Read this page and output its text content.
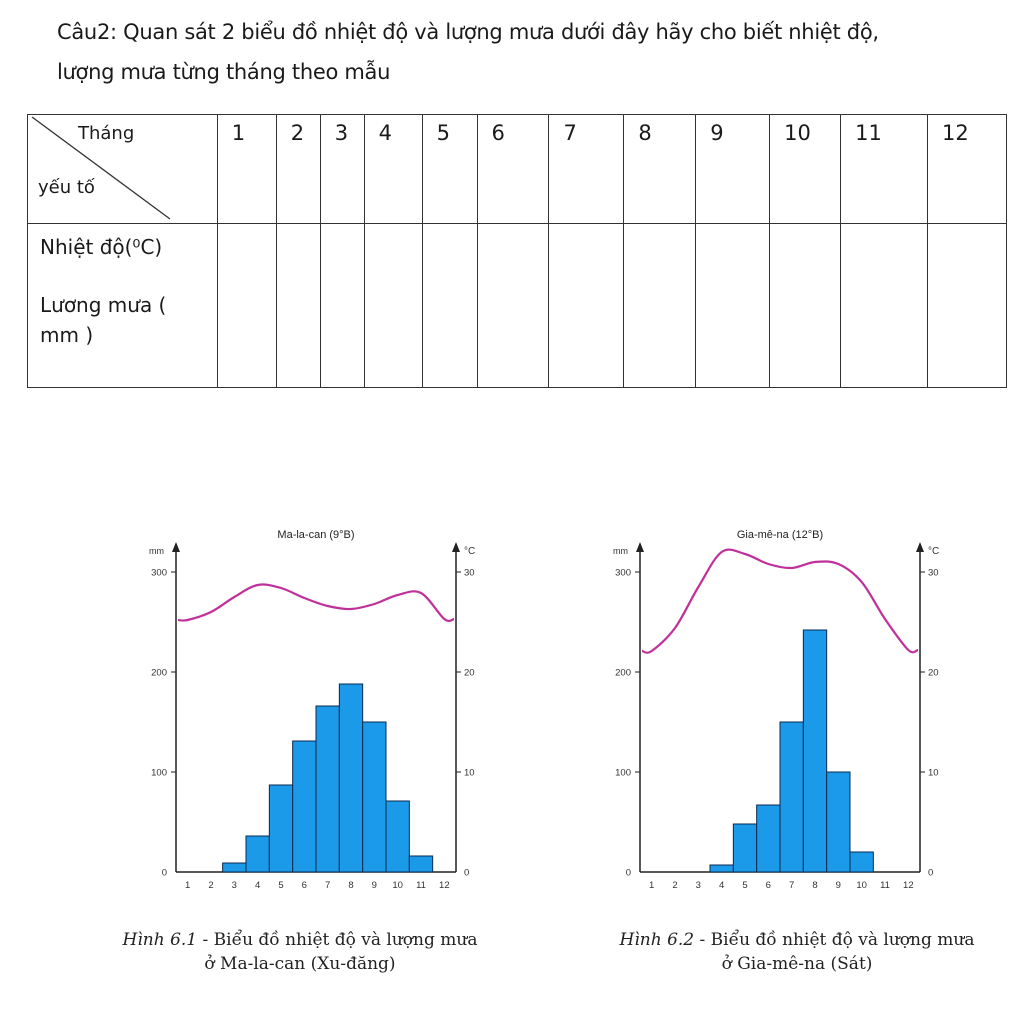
Câu2: Quan sát 2 biểu đồ nhiệt độ và lượng mưa dưới đây hãy cho biết nhiệt độ,
lượng mưa từng tháng theo mẫu
Tháng
yếu tố	1	2	3	4	5	6	7	8	9	10	11	12

Nhiệt độ(⁰C)
Lương mưa (
mm )												

Ma-la-can (9°B)
mm	°C
0
100
200
300
0
10
20
30
1 2 3 4 5 6 7 8 9 10 11 12
Hình 6.1 - Biểu đồ nhiệt độ và lượng mưa
ở Ma-la-can (Xu-đăng)
Gia-mê-na (12°B)
mm	°C
0
100
200
300
0
10
20
30
1 2 3 4 5 6 7 8 9 10 11 12
Hình 6.2 - Biểu đồ nhiệt độ và lượng mưa
ở Gia-mê-na (Sát)
